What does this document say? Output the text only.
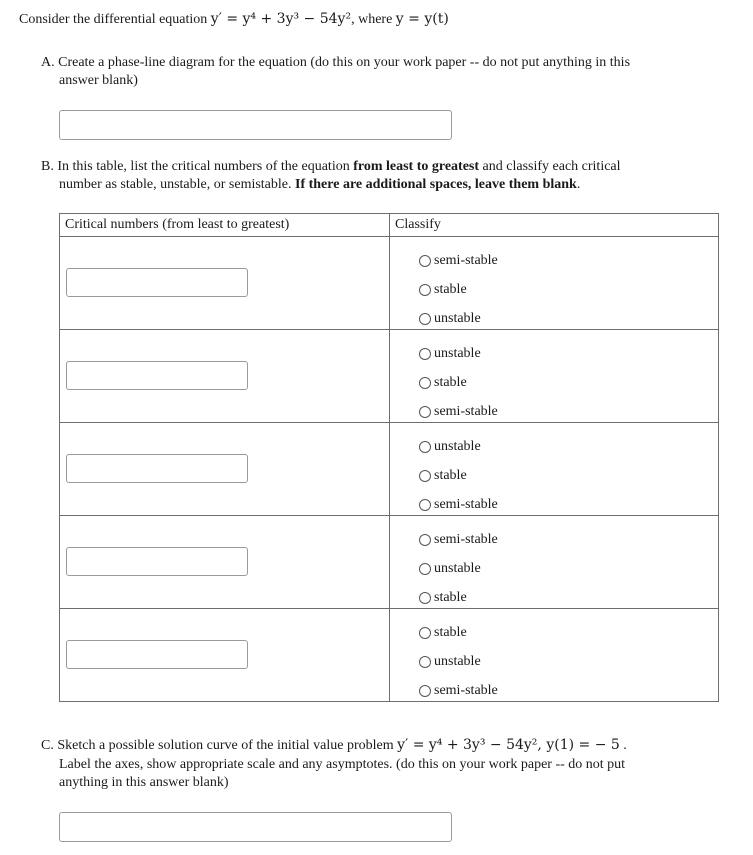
Consider the differential equation y′ = y⁴ + 3y³ − 54y², where y = y(t)
A. Create a phase-line diagram for the equation (do this on your work paper -- do not put anything in this
answer blank)
B. In this table, list the critical numbers of the equation from least to greatest and classify each critical
number as stable, unstable, or semistable. If there are additional spaces, leave them blank.
Critical numbers (from least to greatest)	Classify

	semi-stable
stable
unstable

	unstable
stable
semi-stable

	unstable
stable
semi-stable

	semi-stable
unstable
stable

	stable
unstable
semi-stable
C. Sketch a possible solution curve of the initial value problem y′ = y⁴ + 3y³ − 54y², y(1) = − 5 .
Label the axes, show appropriate scale and any asymptotes. (do this on your work paper -- do not put
anything in this answer blank)
